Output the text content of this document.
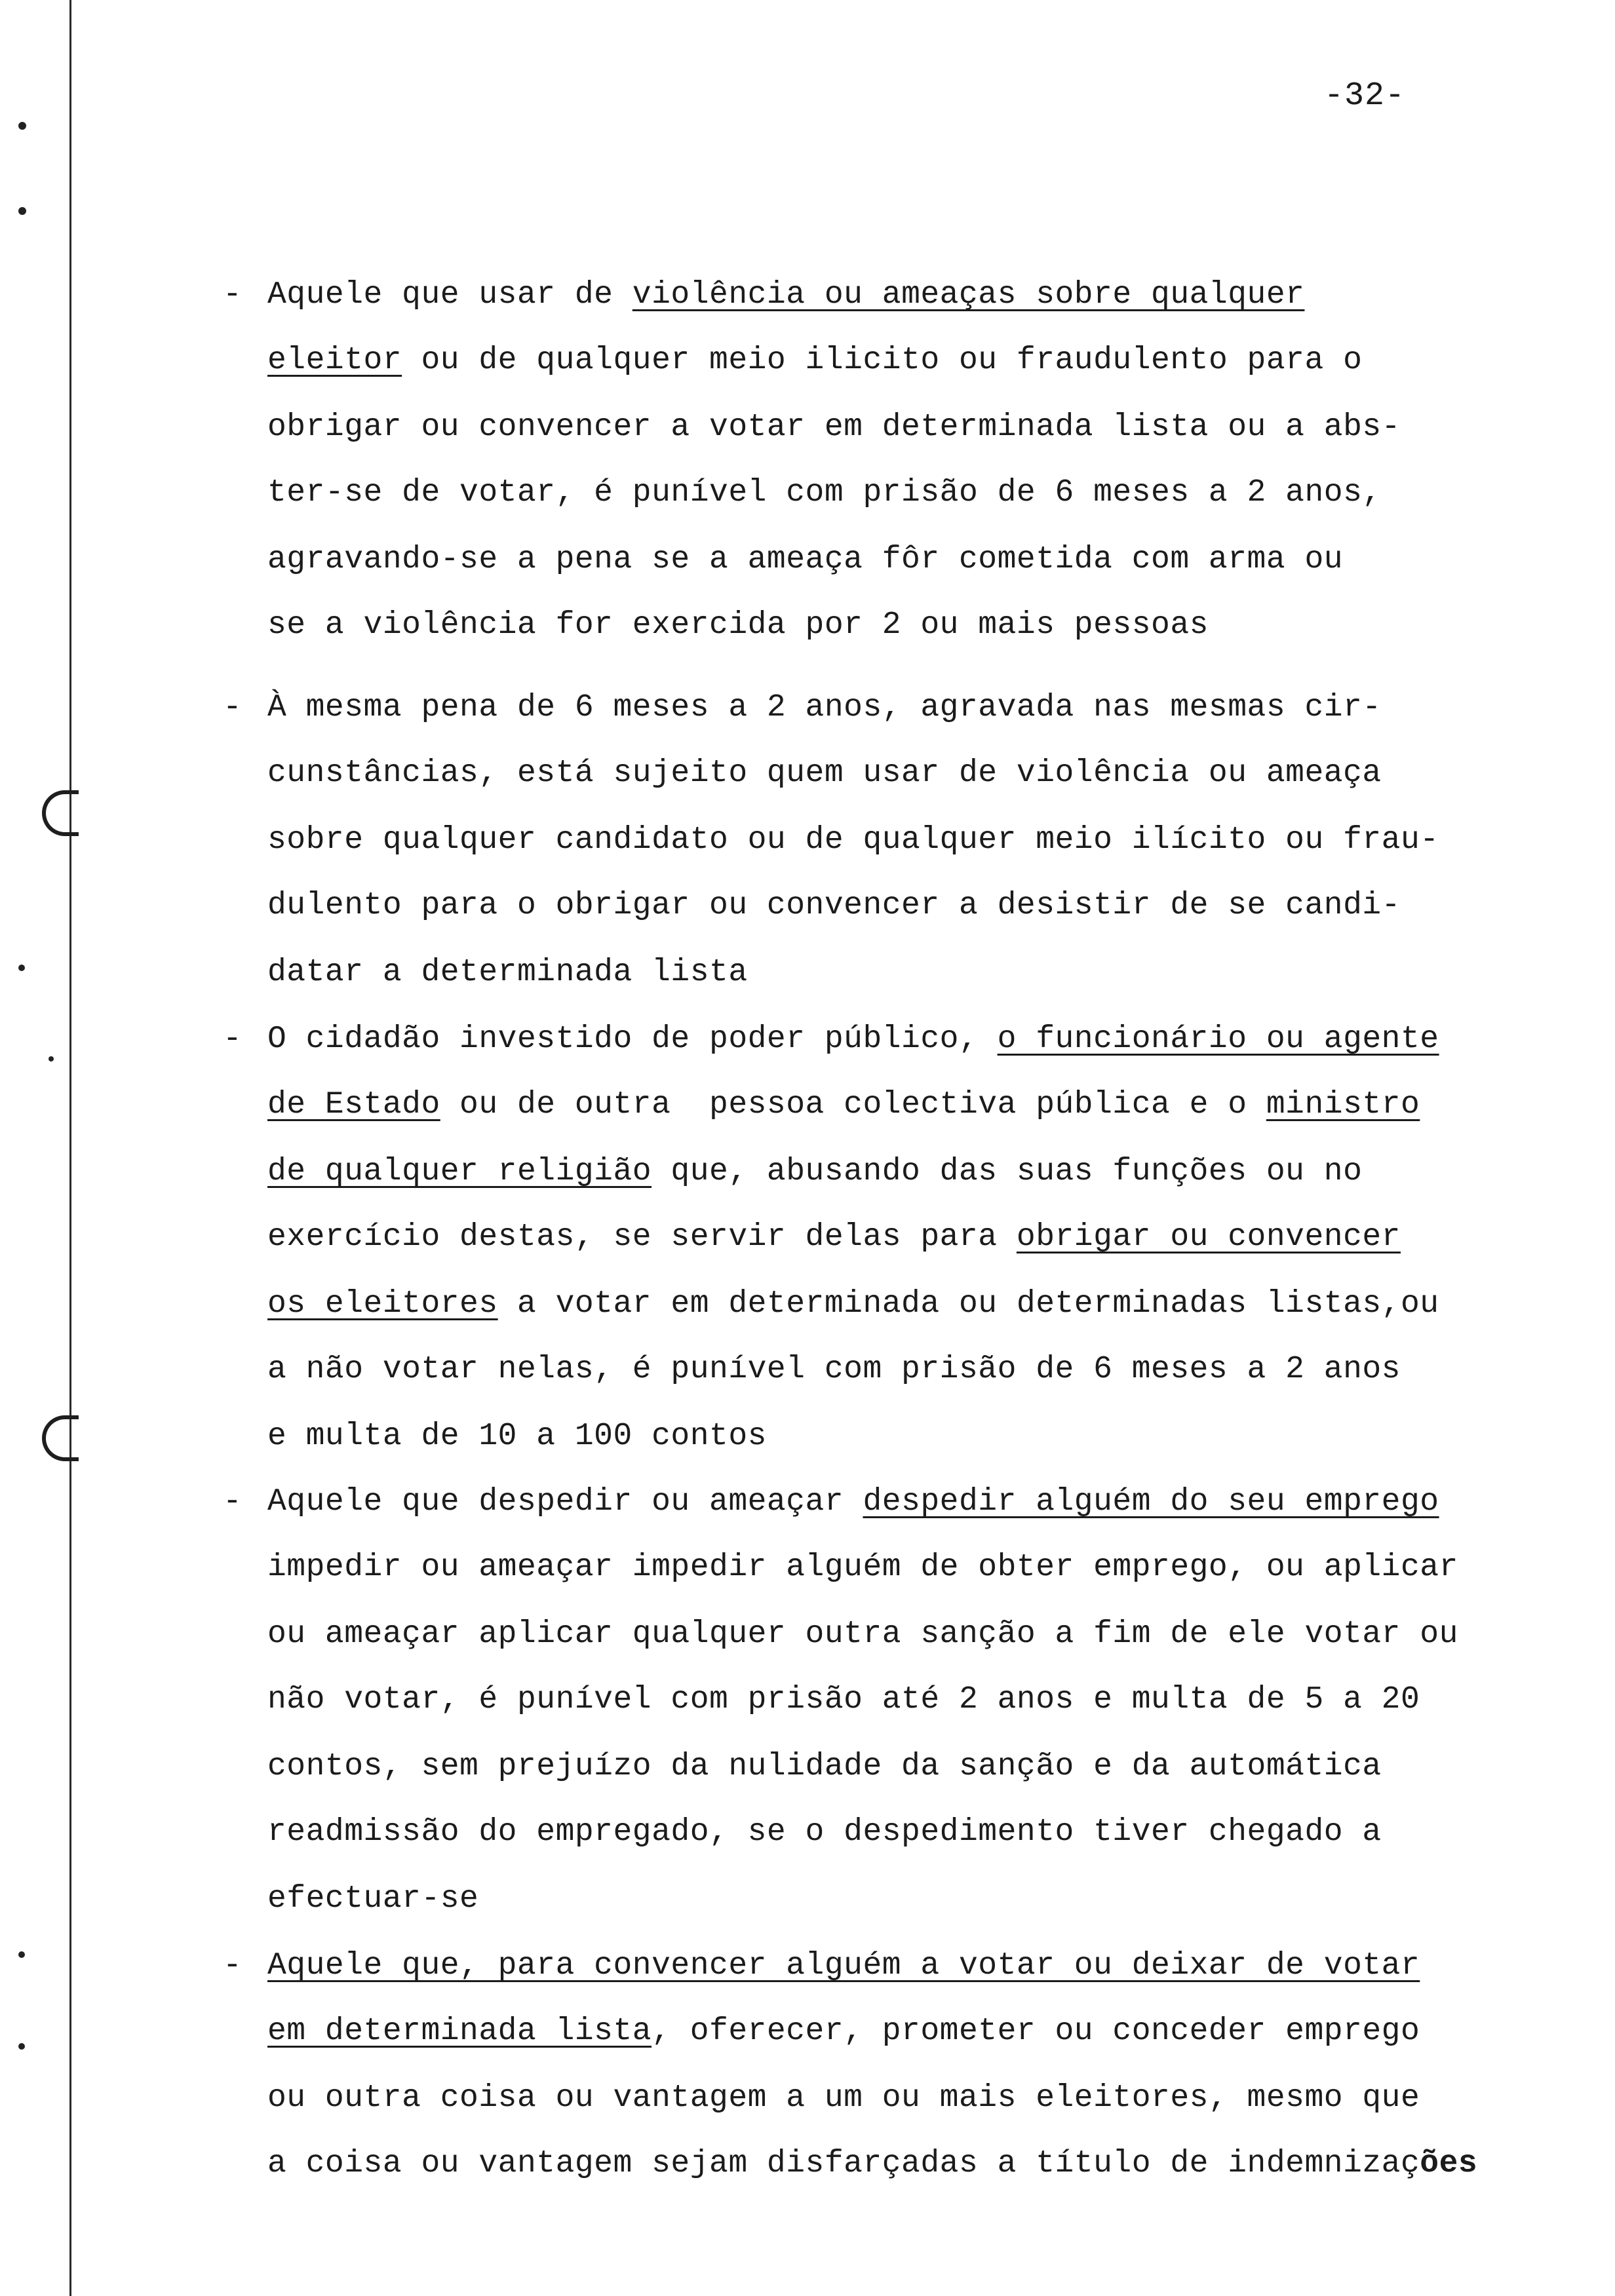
-32-
- Aquele que usar de violência ou ameaças sobre qualquer
eleitor ou de qualquer meio ilicito ou fraudulento para o
obrigar ou convencer a votar em determinada lista ou a abs-
ter-se de votar, é punível com prisão de 6 meses a 2 anos,
agravando-se a pena se a ameaça fôr cometida com arma ou
se a violência for exercida por 2 ou mais pessoas
- À mesma pena de 6 meses a 2 anos, agravada nas mesmas cir-
cunstâncias, está sujeito quem usar de violência ou ameaça
sobre qualquer candidato ou de qualquer meio ilícito ou frau-
dulento para o obrigar ou convencer a desistir de se candi-
datar a determinada lista
- O cidadão investido de poder público, o funcionário ou agente
de Estado ou de outra  pessoa colectiva pública e o ministro
de qualquer religião que, abusando das suas funções ou no
exercício destas, se servir delas para obrigar ou convencer
os eleitores a votar em determinada ou determinadas listas,ou
a não votar nelas, é punível com prisão de 6 meses a 2 anos
e multa de 10 a 100 contos
- Aquele que despedir ou ameaçar despedir alguém do seu emprego
impedir ou ameaçar impedir alguém de obter emprego, ou aplicar
ou ameaçar aplicar qualquer outra sanção a fim de ele votar ou
não votar, é punível com prisão até 2 anos e multa de 5 a 20
contos, sem prejuízo da nulidade da sanção e da automática
readmissão do empregado, se o despedimento tiver chegado a
efectuar-se
- Aquele que, para convencer alguém a votar ou deixar de votar
em determinada lista, oferecer, prometer ou conceder emprego
ou outra coisa ou vantagem a um ou mais eleitores, mesmo que
a coisa ou vantagem sejam disfarçadas a título de indemnizações
